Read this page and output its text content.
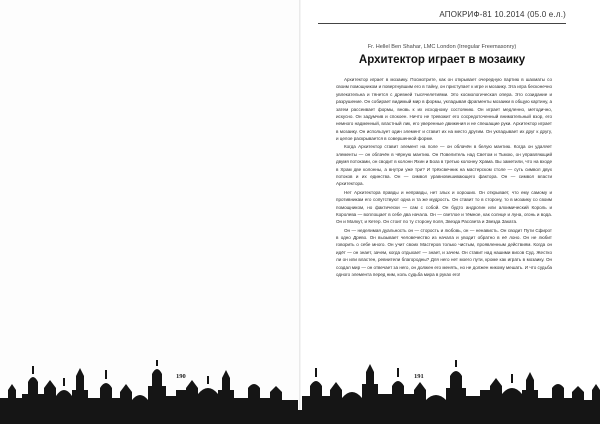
АПОКРИФ-81 10.2014 (05.0 е.л.)
Fr. Hellel Ben Shahar, LMC London (Irregular Freemasonry)
Архитектор играет в мозаику

Архитектор играет в мозаику. Посмотрите, как он открывает очередную партию в шахматы со своим помощником и повергнувшим его в тайну, он приступает к игре и мозаику. Эта игра бесконечно увлекательна и тянется с древней тысячелетиями. Это космологическая опера. Это созидание и разрушение. Он собирает видимый мир в формы, укладывая фрагменты мозаики в общую картину, а затем рассеивает формы, вновь к их исходному состоянию. Он играет медленно, методично, искусно. Он задумчив и спокоен. Ничто не тревожит его сосредоточенный внимательный взор, его немного надменный, властный лик, его уверенные движения и не спешащие руки. Архитектор играет в мозаику. Он использует один элемент и ставит их на место другим. Он укладывает их друг к другу, и целое раскрывается в совершенной форме.

Когда Архитектор ставит элемент на поле — он облачён в белую мантию. Когда он удаляет элементы — он облачён в чёрную мантию. Он Повелитель над Светом и Тьмою, он управляющий двумя потоками, он сводит в колонн Яхин и Боаз в третью колонну Храма. Вы заметили, что на входе в Храм две колонны, а внутри уже три? И трёхсвечник на мастерском столе — суть символ двух потоков и их единства. Он — символ уравновешивающего фактора. Он — символ власти Архитектора.

Нет Архитектора правды и неправды, нет злых и хороших. Он открывает, что ему самому и противникам его сопутствуют одна и та же мудрость. Он ставит то в сторону, то в мозаику со своим помощником, но фактически — сам с собой. Он будто андрогин или алхимический Король и Королева — воплощает в себе два начала. Он — светлое и тёмное, как солнце и луна, огонь и вода. Он и Малкут, и Кетер. Он стоит по ту сторону поля, Звезда Рассвета и Звезда Заката.

Он — неделимая дуальность он — сторость и любовь, он — ненависть. Он сводит Пути Сфирот в одно Древо. Он вызывает человечество из начала и уводит обратно в её лоно. Он не любит говорить о себе много. Он учит своих Мастеров только чистым, проявленным действиям. Когда он идёт — он знает, зачем, когда отдыхает — знает, и зачем. Он ставит над нашими висов Суд. Жестко ли он или властен, ревнители благородны? Для него нет моего пути, кроме как играть в мозаику. Он создал мир — он отвечает за него, он должен его менять, но не должен никому мешать. И что судьба одного элемента перед ним, коль судьба мира в руках его!

190	191
